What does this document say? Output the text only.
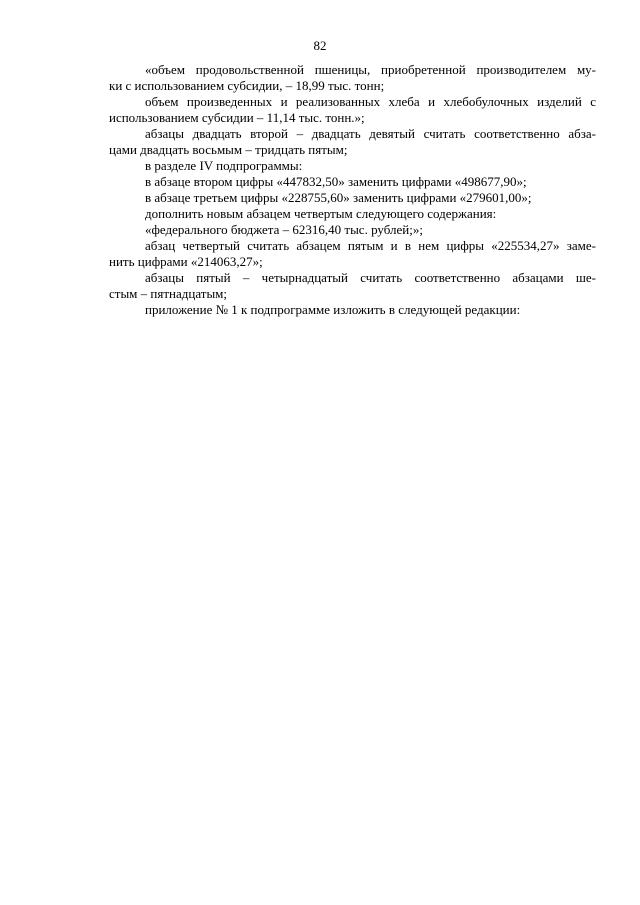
82
«объем продовольственной пшеницы, приобретенной производителем му-
ки с использованием субсидии, – 18,99 тыс. тонн;
объем произведенных и реализованных хлеба и хлебобулочных изделий с
использованием субсидии – 11,14 тыс. тонн.»;
абзацы двадцать второй – двадцать девятый считать соответственно абза-
цами двадцать восьмым – тридцать пятым;
в разделе IV подпрограммы:
в абзаце втором цифры «447832,50» заменить цифрами «498677,90»;
в абзаце третьем цифры «228755,60» заменить цифрами «279601,00»;
дополнить новым абзацем четвертым следующего содержания:
«федерального бюджета – 62316,40 тыс. рублей;»;
абзац четвертый считать абзацем пятым и в нем цифры «225534,27» заме-
нить цифрами «214063,27»;
абзацы пятый – четырнадцатый считать соответственно абзацами ше-
стым – пятнадцатым;
приложение № 1 к подпрограмме изложить в следующей редакции:
